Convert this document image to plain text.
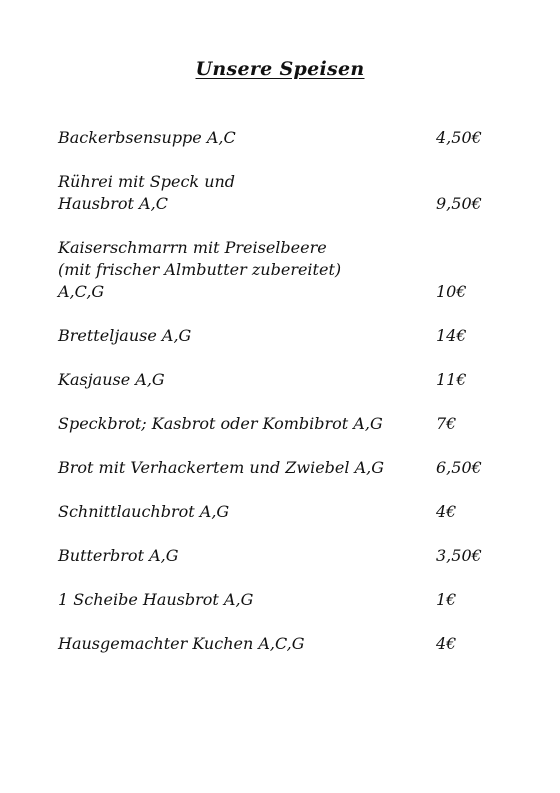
Unsere Speisen
Backerbsensuppe A,C	4,50€
Rührei mit Speck und
Hausbrot A,C	9,50€
Kaiserschmarrn mit Preiselbeere
(mit frischer Almbutter zubereitet)
A,C,G	10€
Bretteljause A,G	14€
Kasjause A,G	11€
Speckbrot; Kasbrot oder Kombibrot A,G	7€
Brot mit Verhackertem und Zwiebel A,G	6,50€
Schnittlauchbrot A,G	4€
Butterbrot A,G	3,50€
1 Scheibe Hausbrot A,G	1€
Hausgemachter Kuchen A,C,G	4€
